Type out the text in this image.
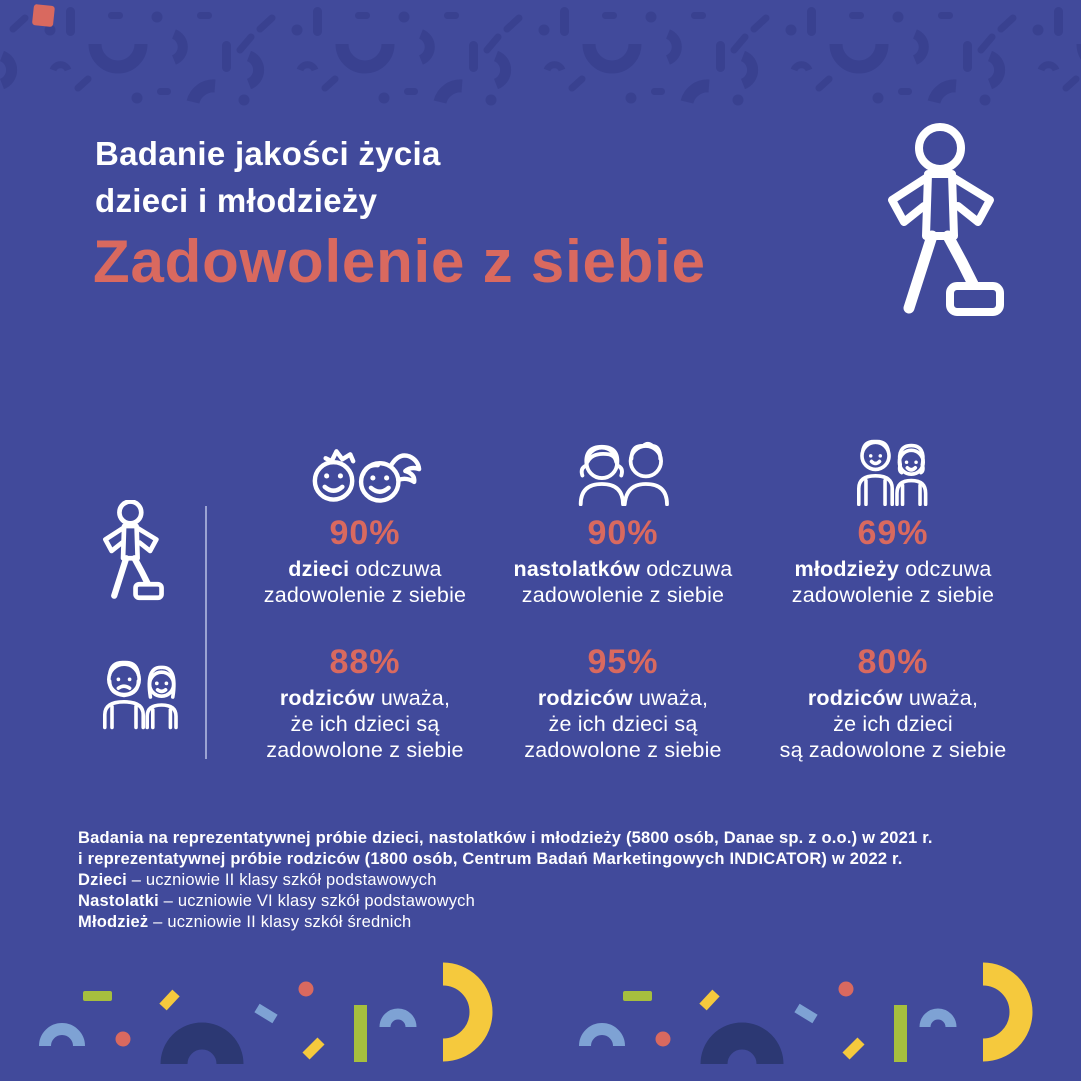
Badanie jakości życia
dzieci i młodzieży
Zadowolenie z siebie
90%
dzieci odczuwa
zadowolenie z siebie
90%
nastolatków odczuwa
zadowolenie z siebie
69%
młodzieży odczuwa
zadowolenie z siebie
88%
rodziców uważa,
że ich dzieci są
zadowolone z siebie
95%
rodziców uważa,
że ich dzieci są
zadowolone z siebie
80%
rodziców uważa,
że ich dzieci
są zadowolone z siebie
Badania na reprezentatywnej próbie dzieci, nastolatków i młodzieży (5800 osób, Danae sp. z o.o.) w 2021 r.
i reprezentatywnej próbie rodziców (1800 osób, Centrum Badań Marketingowych INDICATOR) w 2022 r.
Dzieci – uczniowie II klasy szkół podstawowych
Nastolatki – uczniowie VI klasy szkół podstawowych
Młodzież – uczniowie II klasy szkół średnich
